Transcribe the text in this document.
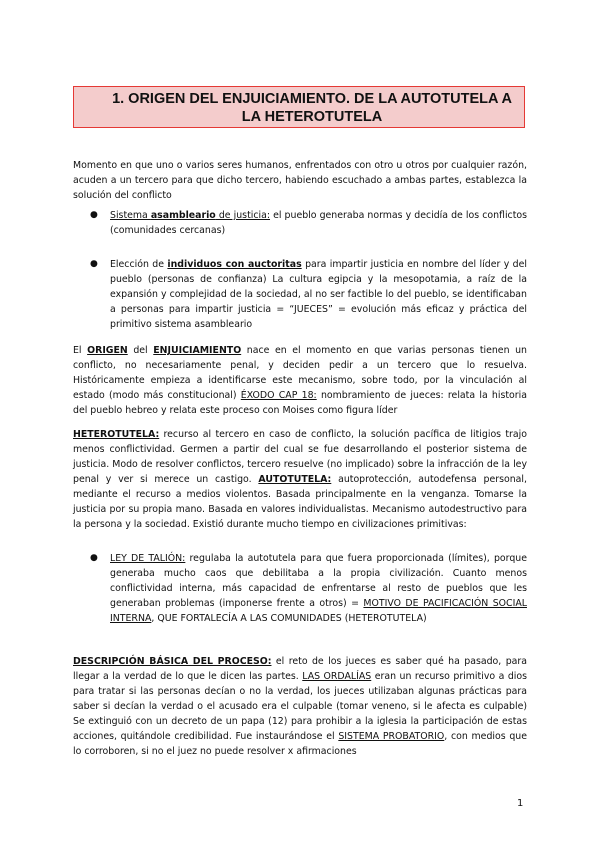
1. ORIGEN DEL ENJUICIAMIENTO. DE LA AUTOTUTELA A
LA HETEROTUTELA
Momento en que uno o varios seres humanos, enfrentados con otro u otros por cualquier razón, acuden a un tercero para que dicho tercero, habiendo escuchado a ambas partes, establezca la solución del conflicto
● Sistema asambleario de justicia: el pueblo generaba normas y decidía de los conflictos (comunidades cercanas)
● Elección de individuos con auctoritas para impartir justicia en nombre del líder y del pueblo (personas de confianza) La cultura egipcia y la mesopotamia, a raíz de la expansión y complejidad de la sociedad, al no ser factible lo del pueblo, se identificaban a personas para impartir justicia = “JUECES” = evolución más eficaz y práctica del primitivo sistema asambleario
El ORIGEN del ENJUICIAMIENTO nace en el momento en que varias personas tienen un conflicto, no necesariamente penal, y deciden pedir a un tercero que lo resuelva. Históricamente empieza a identificarse este mecanismo, sobre todo, por la vinculación al estado (modo más constitucional) ÉXODO CAP 18: nombramiento de jueces: relata la historia del pueblo hebreo y relata este proceso con Moises como figura líder
HETEROTUTELA: recurso al tercero en caso de conflicto, la solución pacífica de litigios trajo menos conflictividad. Germen a partir del cual se fue desarrollando el posterior sistema de justicia. Modo de resolver conflictos, tercero resuelve (no implicado) sobre la infracción de la ley penal y ver si merece un castigo. AUTOTUTELA: autoprotección, autodefensa personal, mediante el recurso a medios violentos. Basada principalmente en la venganza. Tomarse la justicia por su propia mano. Basada en valores individualistas. Mecanismo autodestructivo para la persona y la sociedad. Existió durante mucho tiempo en civilizaciones primitivas:
● LEY DE TALIÓN: regulaba la autotutela para que fuera proporcionada (límites), porque generaba mucho caos que debilitaba a la propia civilización. Cuanto menos conflictividad interna, más capacidad de enfrentarse al resto de pueblos que les generaban problemas (imponerse frente a otros) = MOTIVO DE PACIFICACIÓN SOCIAL INTERNA, QUE FORTALECÍA A LAS COMUNIDADES (HETEROTUTELA)
DESCRIPCIÓN BÁSICA DEL PROCESO: el reto de los jueces es saber qué ha pasado, para llegar a la verdad de lo que le dicen las partes. LAS ORDALÍAS eran un recurso primitivo a dios para tratar si las personas decían o no la verdad, los jueces utilizaban algunas prácticas para saber si decían la verdad o el acusado era el culpable (tomar veneno, si le afecta es culpable) Se extinguió con un decreto de un papa (12) para prohibir a la iglesia la participación de estas acciones, quitándole credibilidad. Fue instaurándose el SISTEMA PROBATORIO, con medios que lo corroboren, si no el juez no puede resolver x afirmaciones
1
